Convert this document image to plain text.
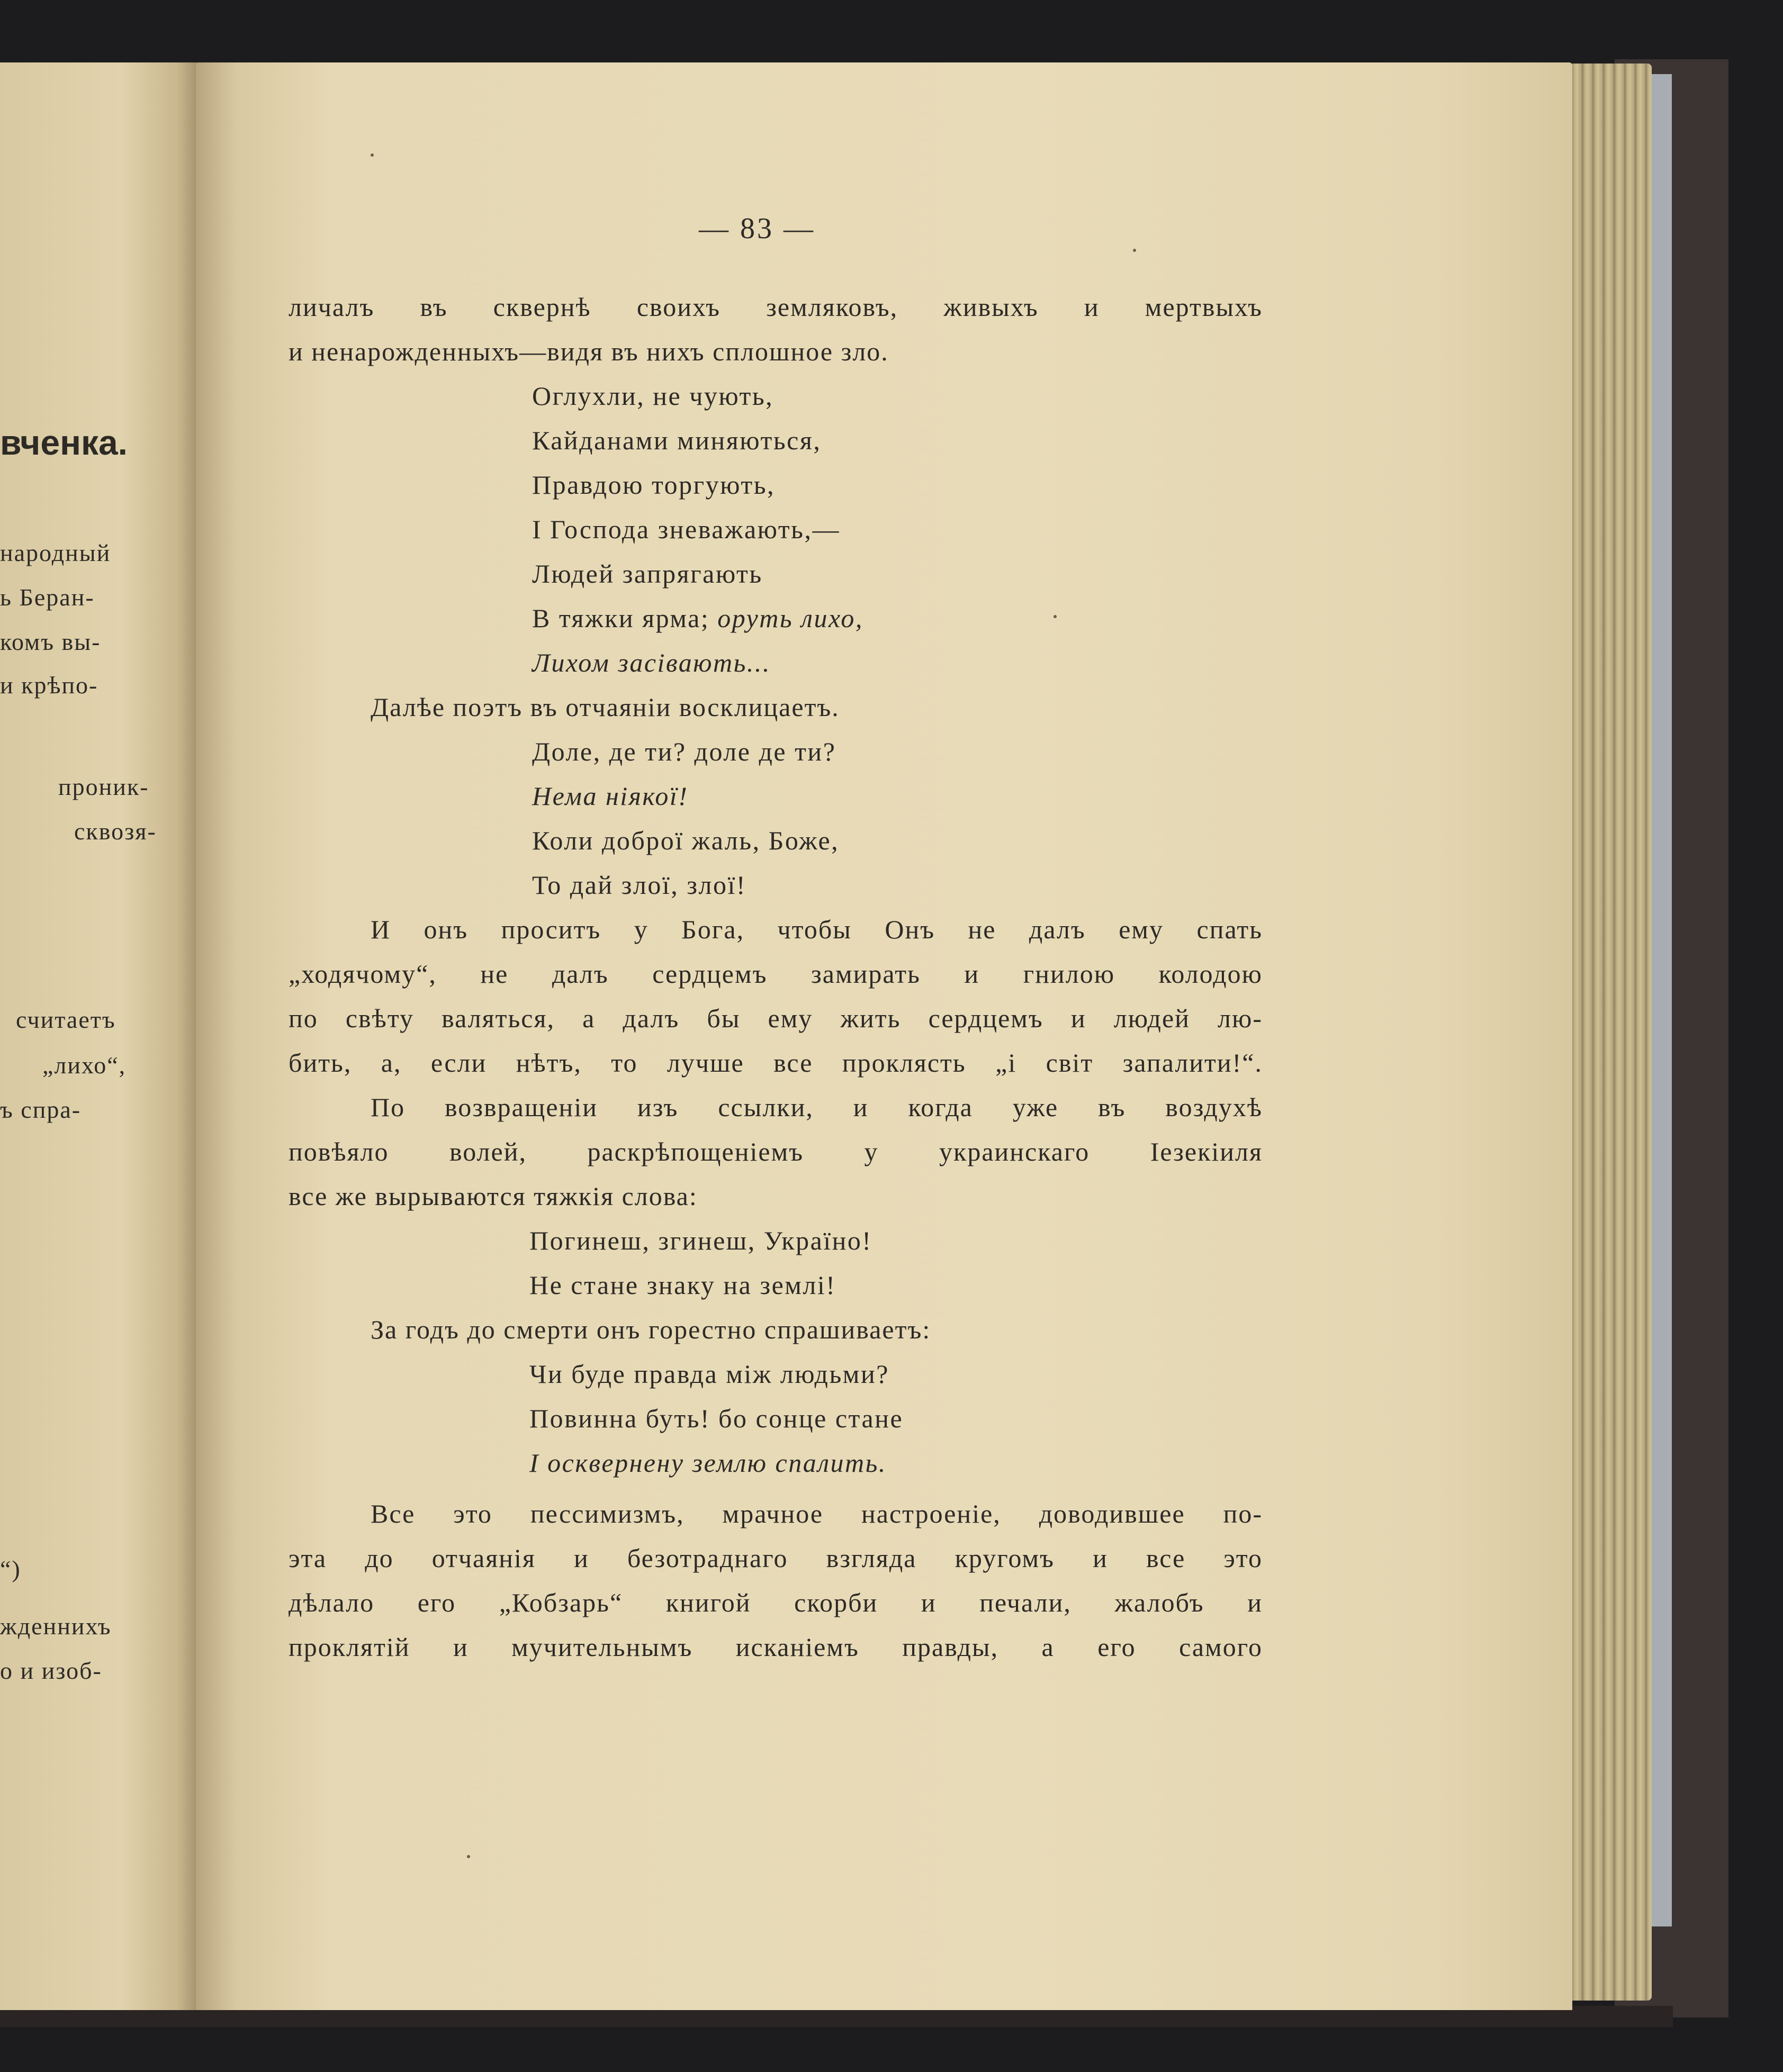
вченка.
народный
ь Беран-
комъ вы-
и крѣпо-
проник-
сквозя-
считаетъ
„лихо“,
ъ спра-
“)
жденнихъ
о и изоб-
— 83 —
личалъ въ сквернѣ своихъ земляковъ, живыхъ и мертвыхъ
и ненарожденныхъ—видя въ нихъ сплошное зло.
Оглухли, не чують,
Кайданами миняються,
Правдою торгують,
І Господа зневажають,—
Людей запрягають
В тяжки ярма; оруть лихо,
Лихом засівають...
Далѣе поэтъ въ отчаяніи восклицаетъ.
Доле, де ти? доле де ти?
Нема ніякої!
Коли доброї жаль, Боже,
То дай злої, злої!
И онъ проситъ у Бога, чтобы Онъ не далъ ему спать
„ходячому“, не далъ сердцемъ замирать и гнилою колодою
по свѣту валяться, а далъ бы ему жить сердцемъ и людей лю-
бить, а, если нѣтъ, то лучше все проклясть „і світ запалити!“.
По возвращеніи изъ ссылки, и когда уже въ воздухѣ
повѣяло волей, раскрѣпощеніемъ у украинскаго Іезекіиля
все же вырываются тяжкія слова:
Погинеш, згинеш, Україно!
Не стане знаку на землі!
За годъ до смерти онъ горестно спрашиваетъ:
Чи буде правда між людьми?
Повинна буть! бо сонце стане
І осквернену землю спалить.
Все это пессимизмъ, мрачное настроеніе, доводившее по-
эта до отчаянія и безотраднаго взгляда кругомъ и все это
дѣлало его „Кобзарь“ книгой скорби и печали, жалобъ и
проклятій и мучительнымъ исканіемъ правды, а его самого
